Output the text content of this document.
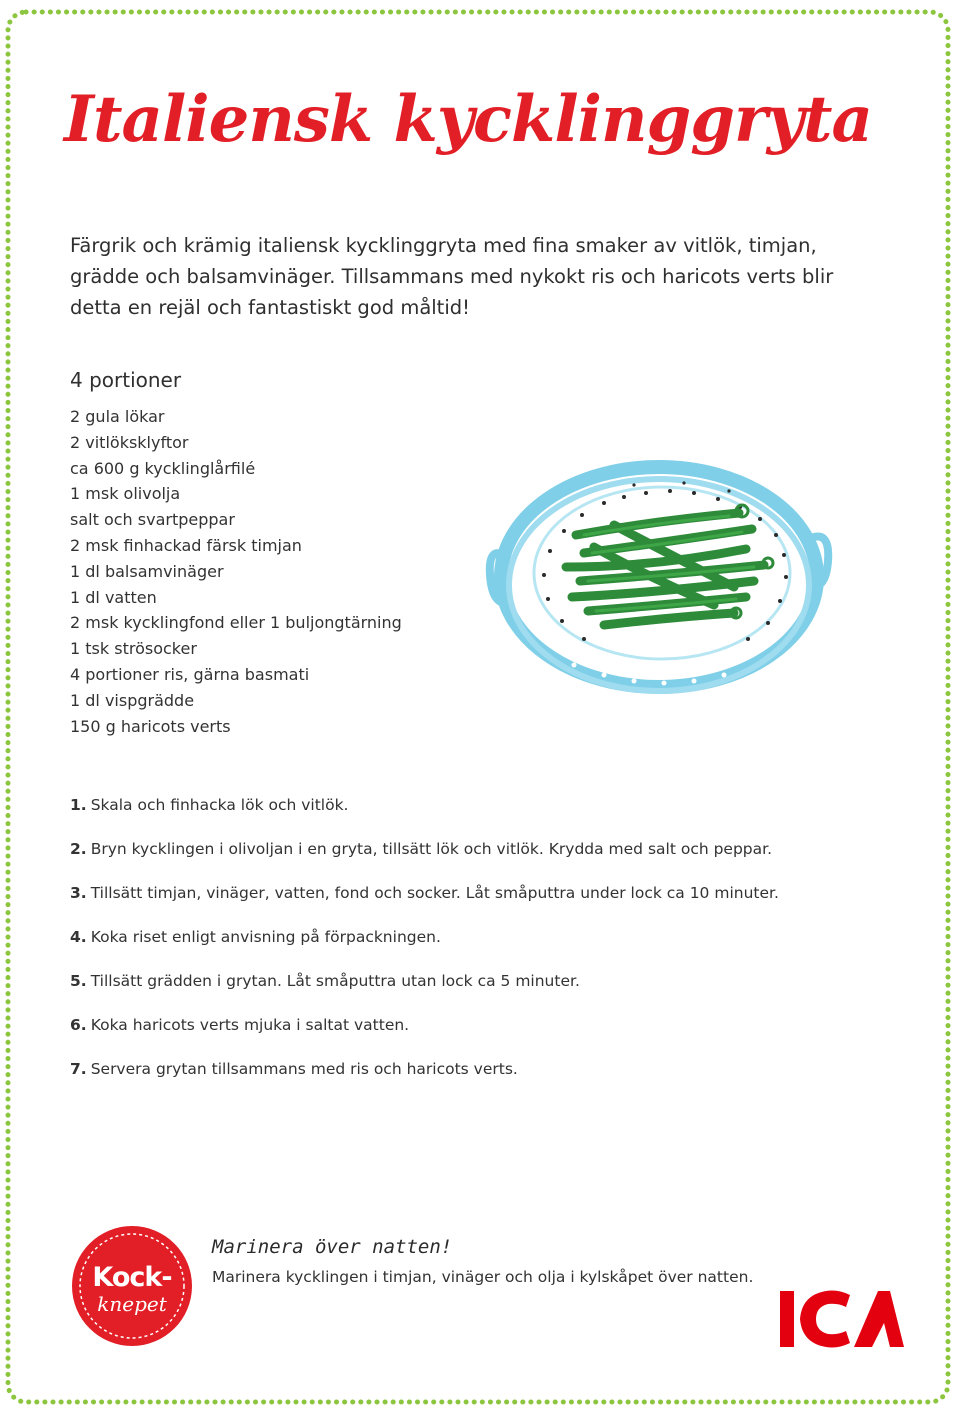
Italiensk kycklinggryta

Färgrik och krämig italiensk kycklinggryta med fina smaker av vitlök, timjan, grädde och balsamvinäger. Tillsammans med nykokt ris och haricots verts blir detta en rejäl och fantastiskt god måltid!

4 portioner

2 gula lökar
2 vitlöksklyftor
ca 600 g kycklinglårfilé
1 msk olivolja
salt och svartpeppar
2 msk finhackad färsk timjan
1 dl balsamvinäger
1 dl vatten
2 msk kycklingfond eller 1 buljongtärning
1 tsk strösocker
4 portioner ris, gärna basmati
1 dl vispgrädde
150 g haricots verts
1. Skala och finhacka lök och vitlök.
2. Bryn kycklingen i olivoljan i en gryta, tillsätt lök och vitlök. Krydda med salt och peppar.
3. Tillsätt timjan, vinäger, vatten, fond och socker. Låt småputtra under lock ca 10 minuter.
4. Koka riset enligt anvisning på förpackningen.
5. Tillsätt grädden i grytan. Låt småputtra utan lock ca 5 minuter.
6. Koka haricots verts mjuka i saltat vatten.
7. Servera grytan tillsammans med ris och haricots verts.
Kock-
knepet

Marinera över natten!

Marinera kycklingen i timjan, vinäger och olja i kylskåpet över natten.
